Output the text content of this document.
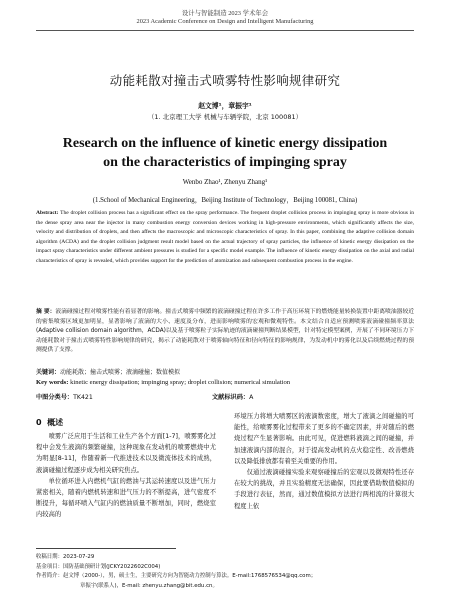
设计与智能制造 2023 学术年会
2023 Academic Conference on Design and Intelligent Manufacturing
动能耗散对撞击式喷雾特性影响规律研究
赵文博¹，章振宇¹
（1. 北京理工大学 机械与车辆学院，北京 100081）
Research on the influence of kinetic energy dissipation
on the characteristics of impinging spray
Wenbo Zhao¹, Zhenyu Zhang¹
(1.School of Mechanical Engineering，Beijing Institute of Technology，Beijing 100081, China)
Abstract: The droplet collision process has a significant effect on the spray performance. The frequent droplet collision process in impinging spray is more obvious in the dense spray area near the injector in many combustion energy conversion devices working in high-pressure environments, which significantly affects the size, velocity and distribution of droplets, and then affects the macroscopic and microscopic characteristics of spray. In this paper, combining the adaptive collision domain algorithm (ACDA) and the droplet collision judgment result model based on the actual trajectory of spray particles, the influence of kinetic energy dissipation on the impact spray characteristics under different ambient pressures is studied for a specific model example. The influence of kinetic energy dissipation on the axial and radial characteristics of spray is revealed, which provides support for the prediction of atomization and subsequent combustion process in the engine.
摘 要：液滴碰撞过程对喷雾性能有着显著的影响。撞击式喷雾中频繁的液滴碰撞过程在许多工作于高压环境下的燃烧能量转换装置中距离喷油器较近的密集喷雾区域更加明显，显著影响了液滴的大小、速度及分布，进而影响喷雾的宏观和微观特性。本文结合自适应预测喷雾液滴碰撞频率算法(Adaptive collision domain algorithm，ACDA)以及基于喷雾粒子实际轨迹的液滴碰撞判断结果模型，针对特定模型案例，开展了不同环境压力下动能耗散对于撞击式喷雾特性影响规律的研究，揭示了动能耗散对于喷雾轴向特征和径向特征的影响规律，为发动机中的雾化以及后续燃烧过程的预测提供了支撑。
关键词：动能耗散；撞击式喷雾；液滴碰撞；数值模拟
Key words: kinetic energy dissipation; impinging spray; droplet collision; numerical simulation
中图分类号：TK421	文献标识码：A
0 概述

喷雾广泛应用于生活和工业生产各个方面[1-7]，喷雾雾化过程中会发生液滴的频繁碰撞，这种现象在发动机的喷雾燃烧中尤为明显[8-11]，作随着新一代推进技术以及微流体技术的成熟，液滴碰撞过程逐步成为相关研究焦点。

单位循环进入内燃机气缸的燃油与其运转速度以及进气压力紧密相关，随着内燃机转速和进气压力的不断提高，进气密度不断提升，每循环喷入气缸内的燃油质量不断增加，同时，燃烧室内较高的

环境压力将增大喷雾区的液滴数密度，增大了液滴之间碰撞的可能性，给喷雾雾化过程带来了更多的不确定因素，并对随后的燃烧过程产生显著影响。由此可见，促进燃料液滴之间的碰撞，并加速液滴内部的混合，对于提高发动机的点火稳定性、改善燃烧以及降低排放都有着至关重要的作用。

仅通过液滴碰撞实验来观察碰撞后的宏观以及微观特性还存在较大的挑战，并且实验精度无法确保，因此要借助数值模拟的手段进行表征，然而，通过数值模拟方法进行两相流的计算很大程度上依

收稿日期：2023-07-29
基金项目：国防基础预研计划(JCKY2022602C004)
作者简介：赵文博（2000-），男，硕士生，主要研究方向为智能动力控制与算法。E-mail:1768576534@qq.com；
章振宇(联系人)，E-mail: zhenyu.zhang@bit.edu.cn。
